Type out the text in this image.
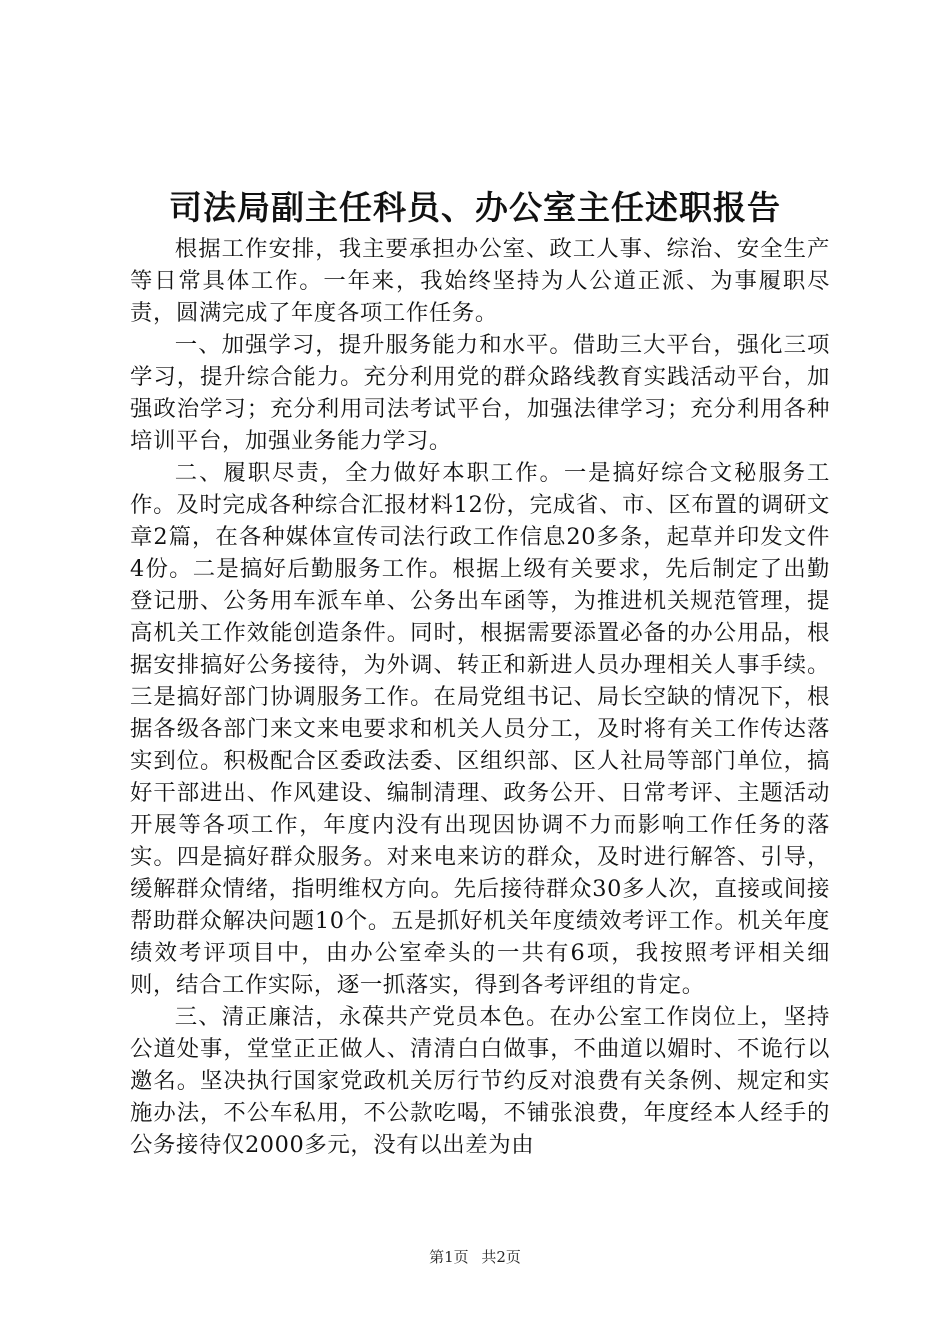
司法局副主任科员、办公室主任述职报告

根据工作安排，我主要承担办公室、政工人事、综治、安全生产等日常具体工作。一年来，我始终坚持为人公道正派、为事履职尽责，圆满完成了年度各项工作任务。

一、加强学习，提升服务能力和水平。借助三大平台，强化三项学习，提升综合能力。充分利用党的群众路线教育实践活动平台，加强政治学习；充分利用司法考试平台，加强法律学习；充分利用各种培训平台，加强业务能力学习。

二、履职尽责，全力做好本职工作。一是搞好综合文秘服务工作。及时完成各种综合汇报材料12份，完成省、市、区布置的调研文章2篇，在各种媒体宣传司法行政工作信息20多条，起草并印发文件4份。二是搞好后勤服务工作。根据上级有关要求，先后制定了出勤登记册、公务用车派车单、公务出车函等，为推进机关规范管理，提高机关工作效能创造条件。同时，根据需要添置必备的办公用品，根据安排搞好公务接待，为外调、转正和新进人员办理相关人事手续。三是搞好部门协调服务工作。在局党组书记、局长空缺的情况下，根据各级各部门来文来电要求和机关人员分工，及时将有关工作传达落实到位。积极配合区委政法委、区组织部、区人社局等部门单位，搞好干部进出、作风建设、编制清理、政务公开、日常考评、主题活动开展等各项工作，年度内没有出现因协调不力而影响工作任务的落实。四是搞好群众服务。对来电来访的群众，及时进行解答、引导，缓解群众情绪，指明维权方向。先后接待群众30多人次，直接或间接帮助群众解决问题10个。五是抓好机关年度绩效考评工作。机关年度绩效考评项目中，由办公室牵头的一共有6项，我按照考评相关细则，结合工作实际，逐一抓落实，得到各考评组的肯定。

三、清正廉洁，永葆共产党员本色。在办公室工作岗位上，坚持公道处事，堂堂正正做人、清清白白做事，不曲道以媚时、不诡行以邀名。坚决执行国家党政机关厉行节约反对浪费有关条例、规定和实施办法，不公车私用，不公款吃喝，不铺张浪费，年度经本人经手的公务接待仅2000多元，没有以出差为由

第1页 共2页
